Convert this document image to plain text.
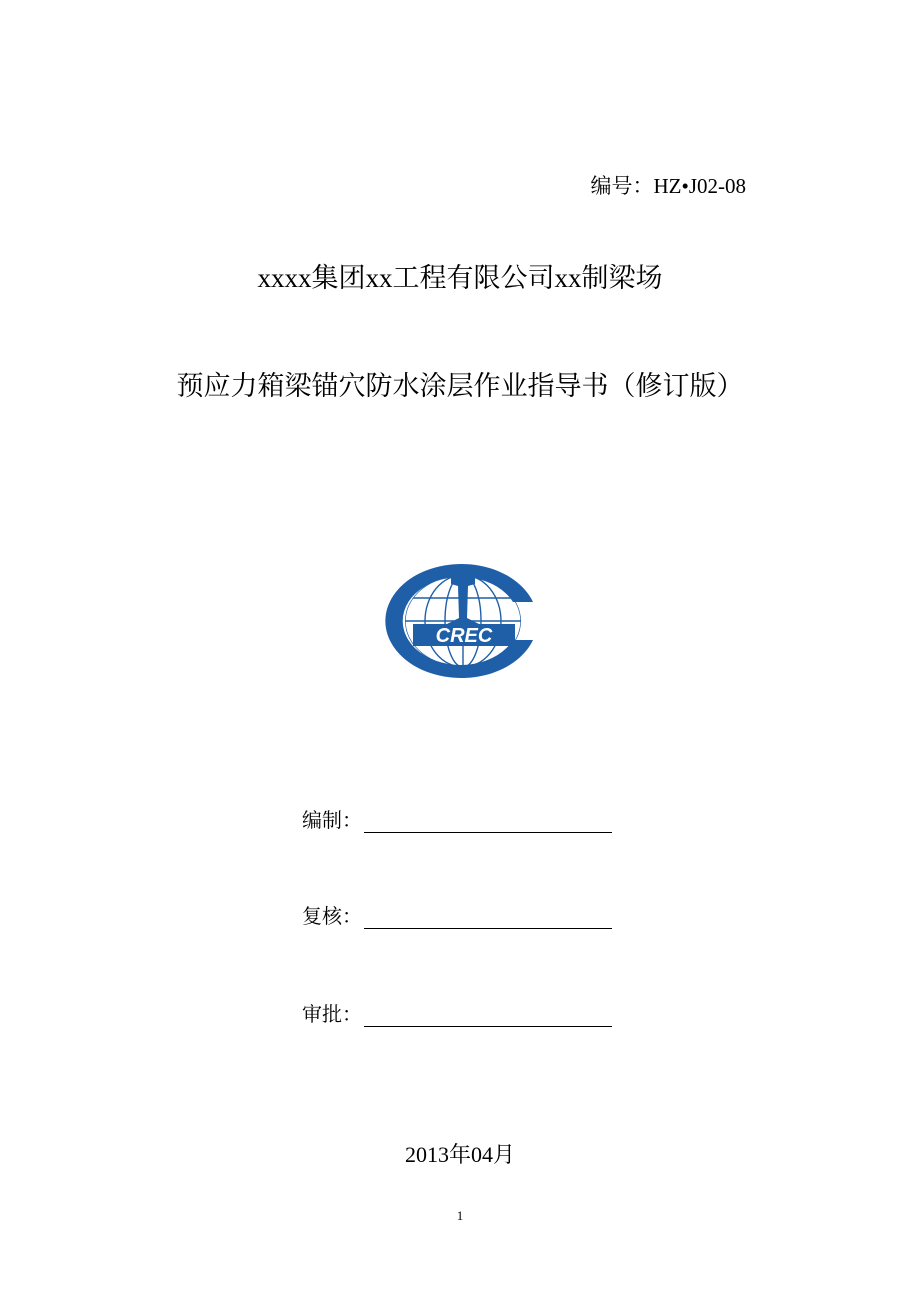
编号：HZ•J02-08
xxxx集团xx工程有限公司xx制梁场
预应力箱梁锚穴防水涂层作业指导书（修订版）
CREC
编制：
复核：
审批：
2013年04月
1
